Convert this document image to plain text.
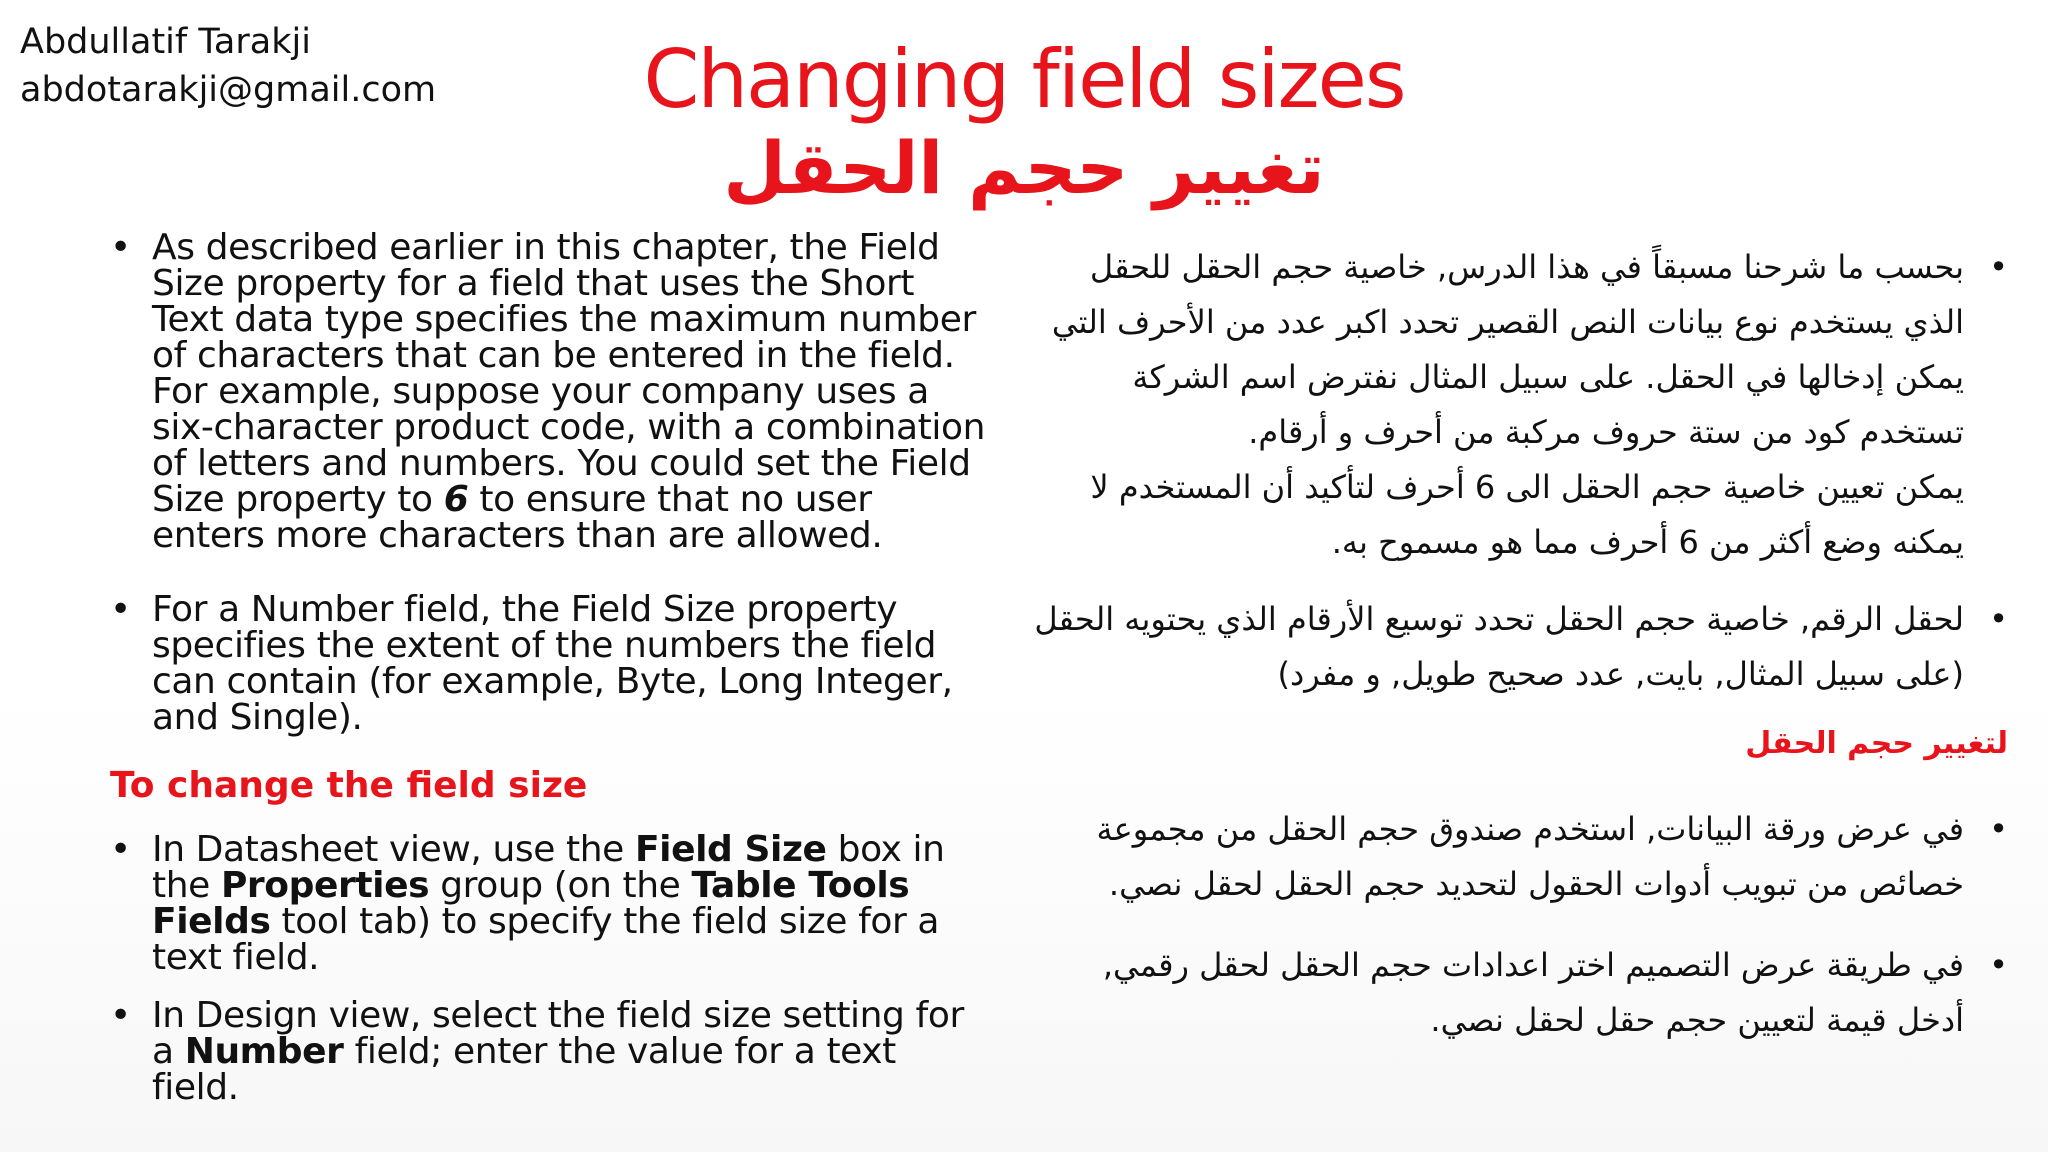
Abdullatif Tarakji
abdotarakji@gmail.com	Changing field sizes
تغيير حجم الحقل
• As described earlier in this chapter, the Field Size property for a field that uses the Short Text data type specifies the maximum number of characters that can be entered in the field. For example, suppose your company uses a six-character product code, with a combination of letters and numbers. You could set the Field Size property to 6 to ensure that no user enters more characters than are allowed.
• For a Number field, the Field Size property specifies the extent of the numbers the field can contain (for example, Byte, Long Integer, and Single).
To change the field size
• In Datasheet view, use the Field Size box in the Properties group (on the Table Tools Fields tool tab) to specify the field size for a text field.
• In Design view, select the field size setting for a Number field; enter the value for a text field.
•
بحسب ما شرحنا مسبقاً في هذا الدرس, خاصية حجم الحقل للحقل الذي يستخدم نوع بيانات النص القصير تحدد اكبر عدد من الأحرف التي يمكن إدخالها في الحقل. على سبيل المثال نفترض اسم الشركة تستخدم كود من ستة حروف مركبة من أحرف و أرقام.
يمكن تعيين خاصية حجم الحقل الى 6 أحرف لتأكيد أن المستخدم لا يمكنه وضع أكثر من 6 أحرف مما هو مسموح به.
•
لحقل الرقم, خاصية حجم الحقل تحدد توسيع الأرقام الذي يحتويه الحقل (على سبيل المثال, بايت, عدد صحيح طويل, و مفرد)
لتغيير حجم الحقل
•
في عرض ورقة البيانات, استخدم صندوق حجم الحقل من مجموعة خصائص من تبويب أدوات الحقول لتحديد حجم الحقل لحقل نصي.
•
في طريقة عرض التصميم اختر اعدادات حجم الحقل لحقل رقمي, أدخل قيمة لتعيين حجم حقل لحقل نصي.
